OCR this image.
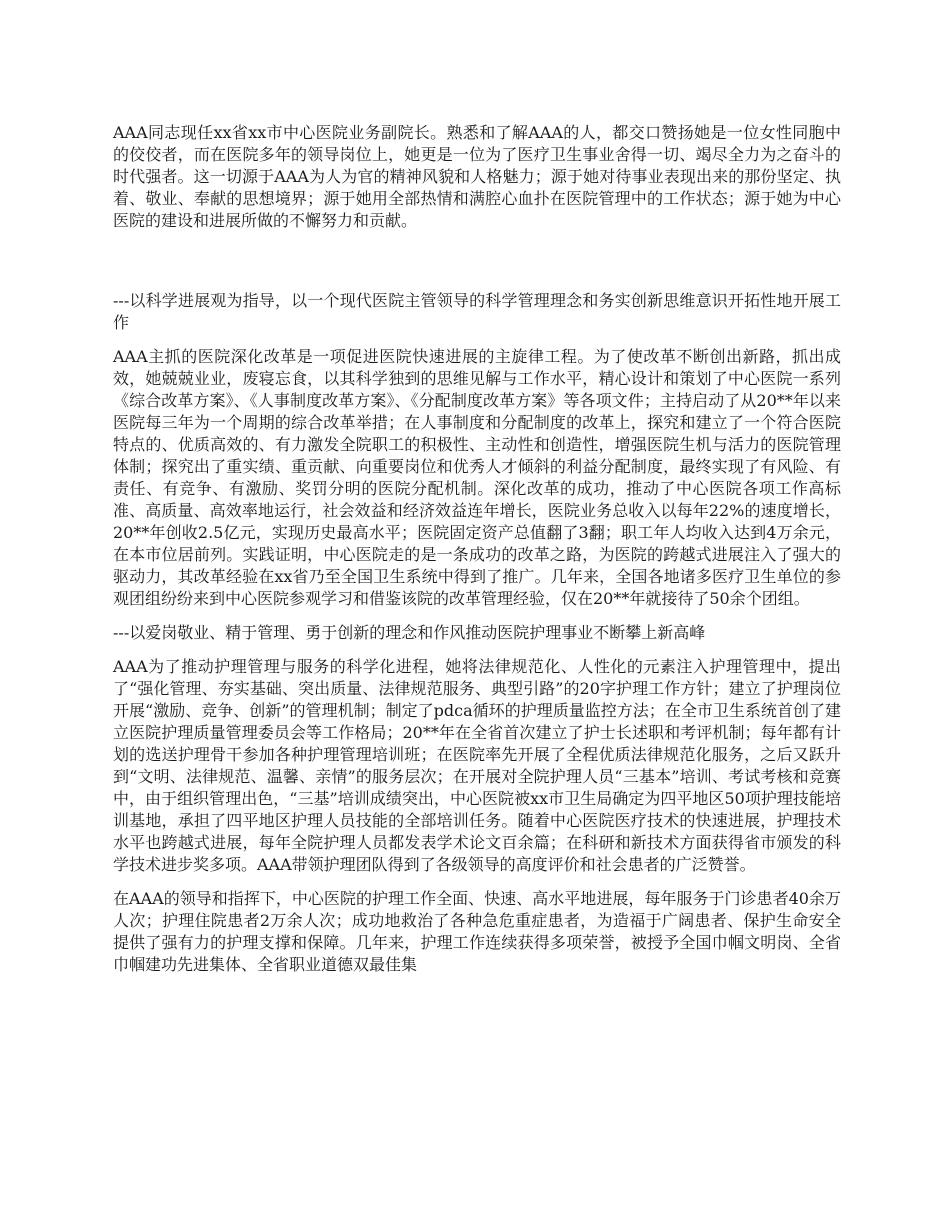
AAA同志现任xx省xx市中心医院业务副院长。熟悉和了解AAA的人，都交口赞扬她是一位女性同胞中的佼佼者，而在医院多年的领导岗位上，她更是一位为了医疗卫生事业舍得一切、竭尽全力为之奋斗的时代强者。这一切源于AAA为人为官的精神风貌和人格魅力；源于她对待事业表现出来的那份坚定、执着、敬业、奉献的思想境界；源于她用全部热情和满腔心血扑在医院管理中的工作状态；源于她为中心医院的建设和进展所做的不懈努力和贡献。

---以科学进展观为指导，以一个现代医院主管领导的科学管理理念和务实创新思维意识开拓性地开展工作

AAA主抓的医院深化改革是一项促进医院快速进展的主旋律工程。为了使改革不断创出新路，抓出成效，她兢兢业业，废寝忘食，以其科学独到的思维见解与工作水平，精心设计和策划了中心医院一系列《综合改革方案》、《人事制度改革方案》、《分配制度改革方案》等各项文件；主持启动了从20**年以来医院每三年为一个周期的综合改革举措；在人事制度和分配制度的改革上，探究和建立了一个符合医院特点的、优质高效的、有力激发全院职工的积极性、主动性和创造性，增强医院生机与活力的医院管理体制；探究出了重实绩、重贡献、向重要岗位和优秀人才倾斜的利益分配制度，最终实现了有风险、有责任、有竞争、有激励、奖罚分明的医院分配机制。深化改革的成功，推动了中心医院各项工作高标准、高质量、高效率地运行，社会效益和经济效益连年增长，医院业务总收入以每年22%的速度增长，20**年创收2.5亿元，实现历史最高水平；医院固定资产总值翻了3翻；职工年人均收入达到4万余元，在本市位居前列。实践证明，中心医院走的是一条成功的改革之路，为医院的跨越式进展注入了强大的驱动力，其改革经验在xx省乃至全国卫生系统中得到了推广。几年来，全国各地诸多医疗卫生单位的参观团组纷纷来到中心医院参观学习和借鉴该院的改革管理经验，仅在20**年就接待了50余个团组。

---以爱岗敬业、精于管理、勇于创新的理念和作风推动医院护理事业不断攀上新高峰

AAA为了推动护理管理与服务的科学化进程，她将法律规范化、人性化的元素注入护理管理中，提出了“强化管理、夯实基础、突出质量、法律规范服务、典型引路”的20字护理工作方针；建立了护理岗位开展“激励、竞争、创新”的管理机制；制定了pdca循环的护理质量监控方法；在全市卫生系统首创了建立医院护理质量管理委员会等工作格局；20**年在全省首次建立了护士长述职和考评机制；每年都有计划的选送护理骨干参加各种护理管理培训班；在医院率先开展了全程优质法律规范化服务，之后又跃升到“文明、法律规范、温馨、亲情”的服务层次；在开展对全院护理人员“三基本”培训、考试考核和竞赛中，由于组织管理出色，“三基”培训成绩突出，中心医院被xx市卫生局确定为四平地区50项护理技能培训基地，承担了四平地区护理人员技能的全部培训任务。随着中心医院医疗技术的快速进展，护理技术水平也跨越式进展，每年全院护理人员都发表学术论文百余篇；在科研和新技术方面获得省市颁发的科学技术进步奖多项。AAA带领护理团队得到了各级领导的高度评价和社会患者的广泛赞誉。

在AAA的领导和指挥下，中心医院的护理工作全面、快速、高水平地进展，每年服务于门诊患者40余万人次；护理住院患者2万余人次；成功地救治了各种急危重症患者，为造福于广阔患者、保护生命安全提供了强有力的护理支撑和保障。几年来，护理工作连续获得多项荣誉，被授予全国巾帼文明岗、全省巾帼建功先进集体、全省职业道德双最佳集
